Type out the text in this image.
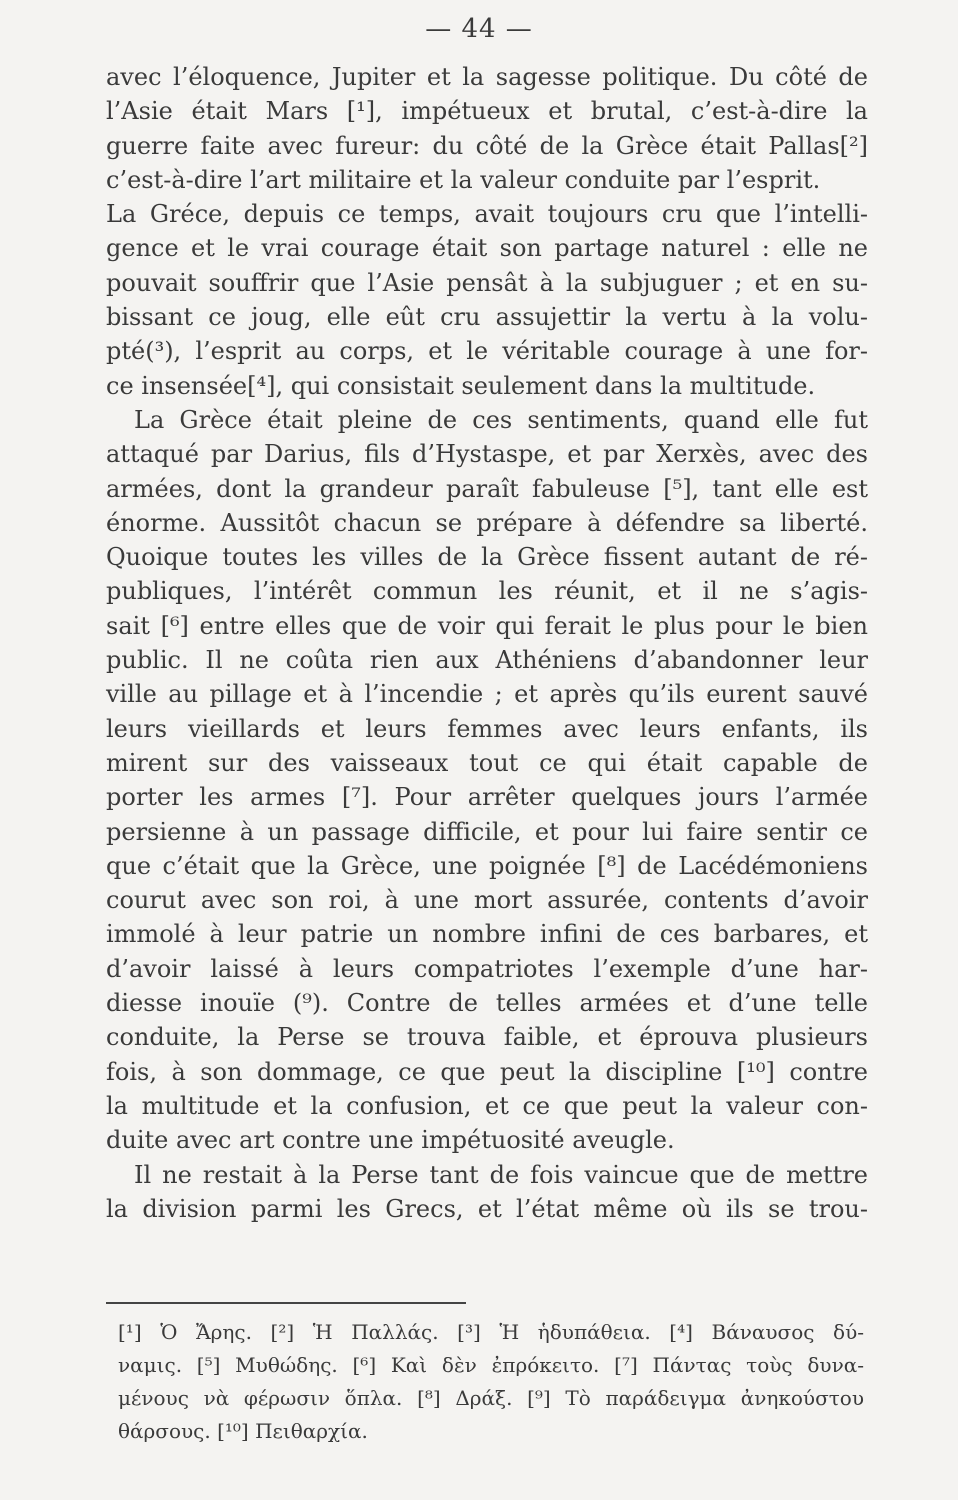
— 44 —
avec l’éloquence, Jupiter et la sagesse politique. Du côté de
l’Asie était Mars [¹], impétueux et brutal, c’est-à-dire la
guerre faite avec fureur: du côté de la Grèce était Pallas[²]
c’est-à-dire l’art militaire et la valeur conduite par l’esprit.
La Gréce, depuis ce temps, avait toujours cru que l’intelli-
gence et le vrai courage était son partage naturel : elle ne
pouvait souffrir que l’Asie pensât à la subjuguer ; et en su-
bissant ce joug, elle eût cru assujettir la vertu à la volu-
pté(³), l’esprit au corps, et le véritable courage à une for-
ce insensée[⁴], qui consistait seulement dans la multitude.
La Grèce était pleine de ces sentiments, quand elle fut
attaqué par Darius, fils d’Hystaspe, et par Xerxès, avec des
armées, dont la grandeur paraît fabuleuse [⁵], tant elle est
énorme. Aussitôt chacun se prépare à défendre sa liberté.
Quoique toutes les villes de la Grèce fissent autant de ré-
publiques, l’intérêt commun les réunit, et il ne s’agis-
sait [⁶] entre elles que de voir qui ferait le plus pour le bien
public. Il ne coûta rien aux Athéniens d’abandonner leur
ville au pillage et à l’incendie ; et après qu’ils eurent sauvé
leurs vieillards et leurs femmes avec leurs enfants, ils
mirent sur des vaisseaux tout ce qui était capable de
porter les armes [⁷]. Pour arrêter quelques jours l’armée
persienne à un passage difficile, et pour lui faire sentir ce
que c’était que la Grèce, une poignée [⁸] de Lacédémoniens
courut avec son roi, à une mort assurée, contents d’avoir
immolé à leur patrie un nombre infini de ces barbares, et
d’avoir laissé à leurs compatriotes l’exemple d’une har-
diesse inouïe (⁹). Contre de telles armées et d’une telle
conduite, la Perse se trouva faible, et éprouva plusieurs
fois, à son dommage, ce que peut la discipline [¹⁰] contre
la multitude et la confusion, et ce que peut la valeur con-
duite avec art contre une impétuosité aveugle.
Il ne restait à la Perse tant de fois vaincue que de mettre
la division parmi les Grecs, et l’état même où ils se trou-
[¹] Ὁ Ἄρης. [²] Ἡ Παλλάς. [³] Ἡ ἡδυπάθεια. [⁴] Βάναυσος δύ-
ναμις. [⁵] Μυθώδης. [⁶] Καὶ δὲν ἐπρόκειτο. [⁷] Πάντας τοὺς δυνα-
μένους νὰ φέρωσιν ὅπλα. [⁸] Δράξ. [⁹] Τὸ παράδειγμα ἀνηκούστου
θάρσους. [¹⁰] Πειθαρχία.
